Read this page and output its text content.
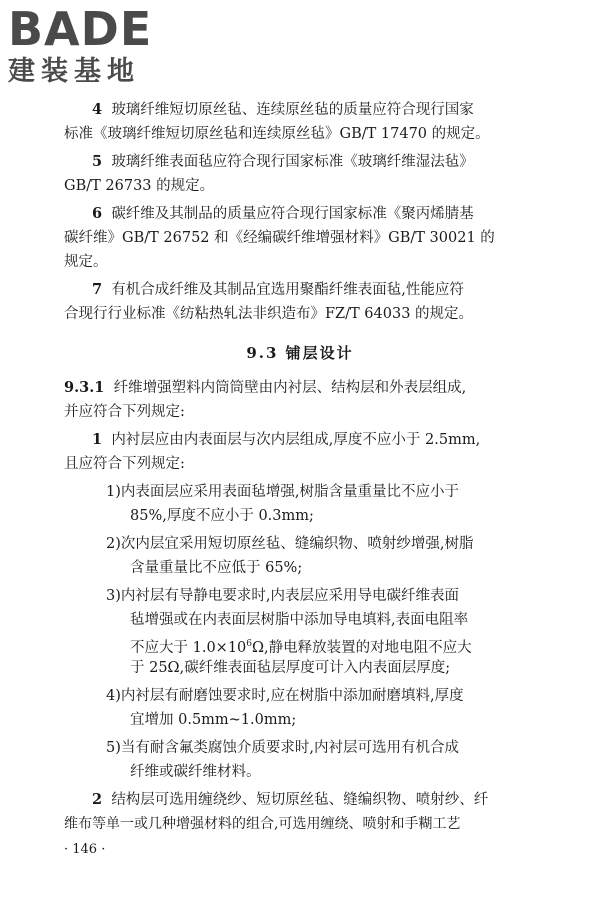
BADE
建装基地
4 玻璃纤维短切原丝毡、连续原丝毡的质量应符合现行国家
标准《玻璃纤维短切原丝毡和连续原丝毡》GB/T 17470 的规定。
5 玻璃纤维表面毡应符合现行国家标准《玻璃纤维湿法毡》
GB/T 26733 的规定。
6 碳纤维及其制品的质量应符合现行国家标准《聚丙烯腈基
碳纤维》GB/T 26752 和《经编碳纤维增强材料》GB/T 30021 的
规定。
7 有机合成纤维及其制品宜选用聚酯纤维表面毡,性能应符
合现行行业标准《纺粘热轧法非织造布》FZ/T 64033 的规定。
9.3 铺层设计
9.3.1 纤维增强塑料内筒筒壁由内衬层、结构层和外表层组成,
并应符合下列规定:
1 内衬层应由内表面层与次内层组成,厚度不应小于 2.5mm,
且应符合下列规定:
1)内表面层应采用表面毡增强,树脂含量重量比不应小于
85%,厚度不应小于 0.3mm;
2)次内层宜采用短切原丝毡、缝编织物、喷射纱增强,树脂
含量重量比不应低于 65%;
3)内衬层有导静电要求时,内表层应采用导电碳纤维表面
毡增强或在内表面层树脂中添加导电填料,表面电阻率
不应大于 $1.0\times 10^6\Omega$,静电释放装置的对地电阻不应大
于 25Ω,碳纤维表面毡层厚度可计入内表面层厚度;
4)内衬层有耐磨蚀要求时,应在树脂中添加耐磨填料,厚度
宜增加 0.5mm~1.0mm;
5)当有耐含氟类腐蚀介质要求时,内衬层可选用有机合成
纤维或碳纤维材料。
2 结构层可选用缠绕纱、短切原丝毡、缝编织物、喷射纱、纤
维布等单一或几种增强材料的组合,可选用缠绕、喷射和手糊工艺
· 146 ·
